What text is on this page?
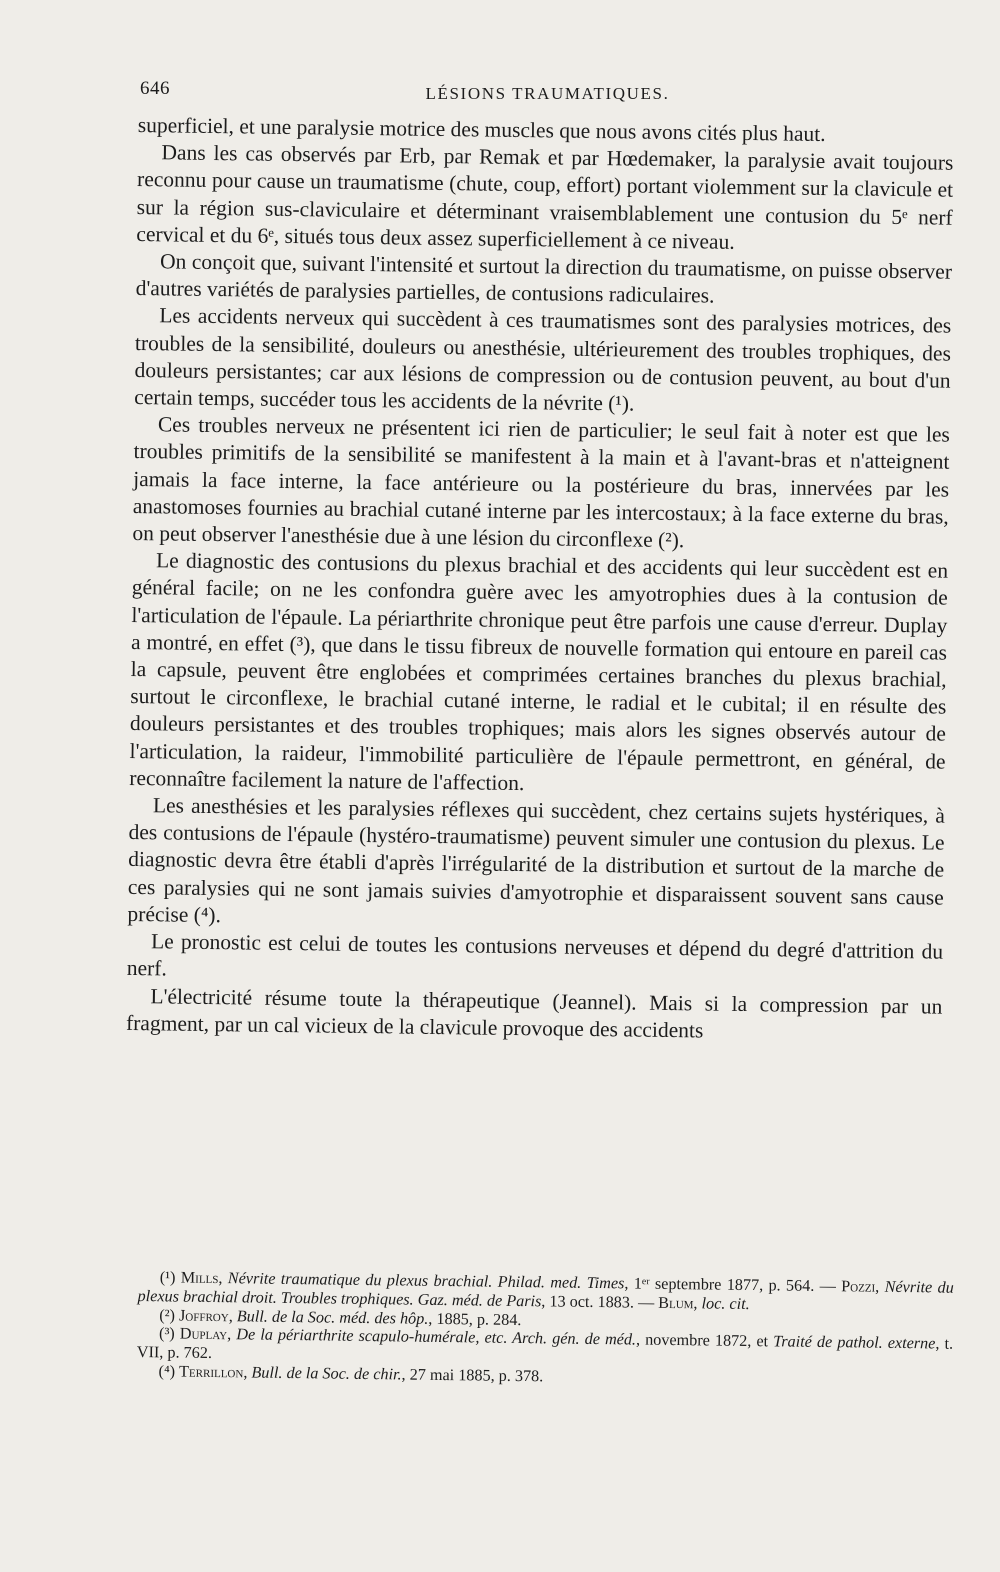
646	LÉSIONS TRAUMATIQUES.

superficiel, et une paralysie motrice des muscles que nous avons cités plus haut.

Dans les cas observés par Erb, par Remak et par Hœdemaker, la paralysie avait toujours reconnu pour cause un traumatisme (chute, coup, effort) portant violemment sur la clavicule et sur la région sus-claviculaire et déterminant vraisemblablement une contusion du 5ᵉ nerf cervical et du 6ᵉ, situés tous deux assez superficiellement à ce niveau.

On conçoit que, suivant l'intensité et surtout la direction du traumatisme, on puisse observer d'autres variétés de paralysies partielles, de contusions radiculaires.

Les accidents nerveux qui succèdent à ces traumatismes sont des paralysies motrices, des troubles de la sensibilité, douleurs ou anesthésie, ultérieurement des troubles trophiques, des douleurs persistantes; car aux lésions de compression ou de contusion peuvent, au bout d'un certain temps, succéder tous les accidents de la névrite (¹).

Ces troubles nerveux ne présentent ici rien de particulier; le seul fait à noter est que les troubles primitifs de la sensibilité se manifestent à la main et à l'avant-bras et n'atteignent jamais la face interne, la face antérieure ou la postérieure du bras, innervées par les anastomoses fournies au brachial cutané interne par les intercostaux; à la face externe du bras, on peut observer l'anesthésie due à une lésion du circonflexe (²).

Le diagnostic des contusions du plexus brachial et des accidents qui leur succèdent est en général facile; on ne les confondra guère avec les amyotrophies dues à la contusion de l'articulation de l'épaule. La périarthrite chronique peut être parfois une cause d'erreur. Duplay a montré, en effet (³), que dans le tissu fibreux de nouvelle formation qui entoure en pareil cas la capsule, peuvent être englobées et comprimées certaines branches du plexus brachial, surtout le circonflexe, le brachial cutané interne, le radial et le cubital; il en résulte des douleurs persistantes et des troubles trophiques; mais alors les signes observés autour de l'articulation, la raideur, l'immobilité particulière de l'épaule permettront, en général, de reconnaître facilement la nature de l'affection.

Les anesthésies et les paralysies réflexes qui succèdent, chez certains sujets hystériques, à des contusions de l'épaule (hystéro-traumatisme) peuvent simuler une contusion du plexus. Le diagnostic devra être établi d'après l'irrégularité de la distribution et surtout de la marche de ces paralysies qui ne sont jamais suivies d'amyotrophie et disparaissent souvent sans cause précise (⁴).

Le pronostic est celui de toutes les contusions nerveuses et dépend du degré d'attrition du nerf.

L'électricité résume toute la thérapeutique (Jeannel). Mais si la compression par un fragment, par un cal vicieux de la clavicule provoque des accidents

(¹) Mills, Névrite traumatique du plexus brachial. Philad. med. Times, 1ᵉʳ septembre 1877, p. 564. — Pozzi, Névrite du plexus brachial droit. Troubles trophiques. Gaz. méd. de Paris, 13 oct. 1883. — Blum, loc. cit.

(²) Joffroy, Bull. de la Soc. méd. des hôp., 1885, p. 284.

(³) Duplay, De la périarthrite scapulo-humérale, etc. Arch. gén. de méd., novembre 1872, et Traité de pathol. externe, t. VII, p. 762.

(⁴) Terrillon, Bull. de la Soc. de chir., 27 mai 1885, p. 378.
